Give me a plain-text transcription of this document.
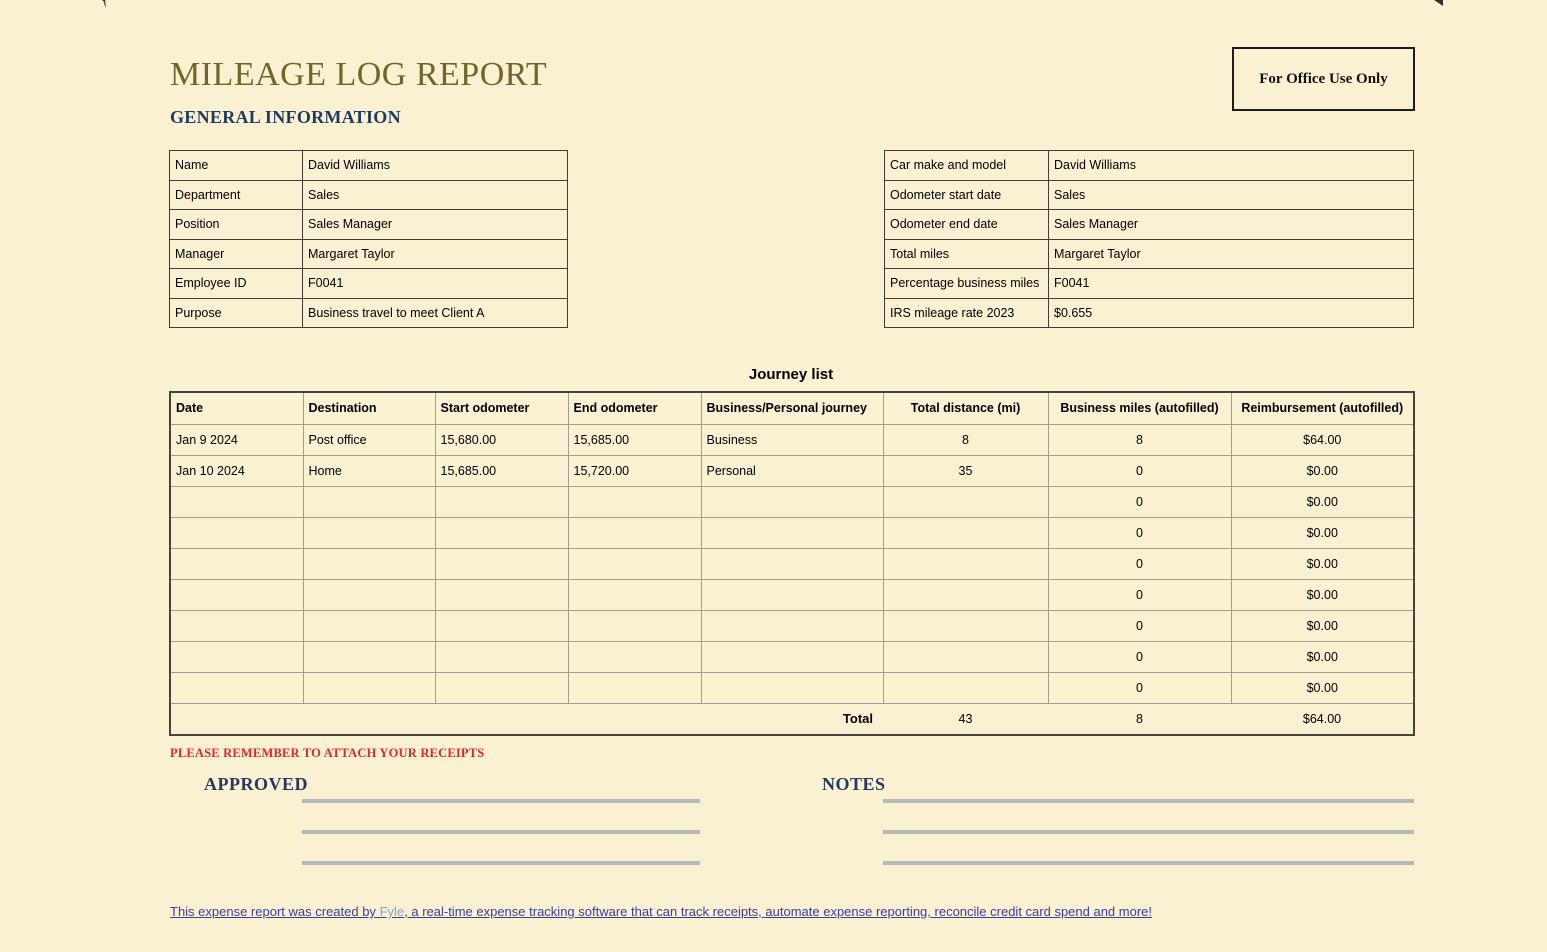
MILEAGE LOG REPORT	For Office Use Only
GENERAL INFORMATION
Name	David Williams
Department	Sales
Position	Sales Manager
Manager	Margaret Taylor
Employee ID	F0041
Purpose	Business travel to meet Client A
Car make and model	David Williams
Odometer start date	Sales
Odometer end date	Sales Manager
Total miles	Margaret Taylor
Percentage business miles	F0041
IRS mileage rate 2023	$0.655
Journey list
Date	Destination	Start odometer	End odometer	Business/Personal journey	Total distance (mi)	Business miles (autofilled)	Reimbursement (autofilled)
Jan 9 2024	Post office	15,680.00	15,685.00	Business	8	8	$64.00
Jan 10 2024	Home	15,685.00	15,720.00	Personal	35	0	$0.00
						0	$0.00
						0	$0.00
						0	$0.00
						0	$0.00
						0	$0.00
						0	$0.00
						0	$0.00
Total					43	8	$64.00
PLEASE REMEMBER TO ATTACH YOUR RECEIPTS
APPROVED	NOTES
This expense report was created by Fyle, a real-time expense tracking software that can track receipts, automate expense reporting, reconcile credit card spend and more!
